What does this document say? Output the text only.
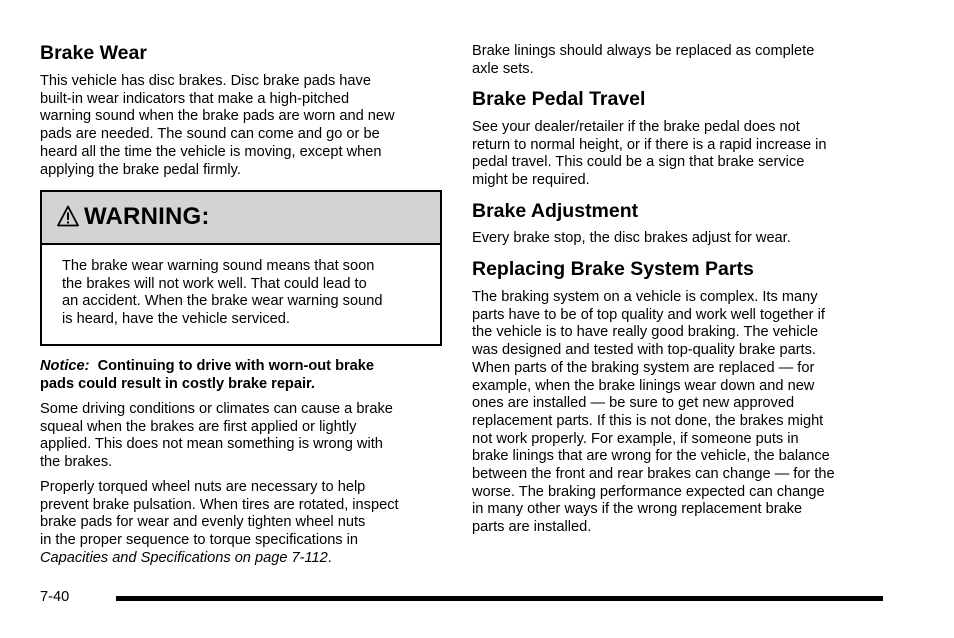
Brake Wear

This vehicle has disc brakes. Disc brake pads have
built-in wear indicators that make a high-pitched
warning sound when the brake pads are worn and new
pads are needed. The sound can come and go or be
heard all the time the vehicle is moving, except when
applying the brake pedal firmly.

WARNING:
The brake wear warning sound means that soon
the brakes will not work well. That could lead to
an accident. When the brake wear warning sound
is heard, have the vehicle serviced.

Notice: Continuing to drive with worn-out brake
pads could result in costly brake repair.

Some driving conditions or climates can cause a brake
squeal when the brakes are first applied or lightly
applied. This does not mean something is wrong with
the brakes.

Properly torqued wheel nuts are necessary to help
prevent brake pulsation. When tires are rotated, inspect
brake pads for wear and evenly tighten wheel nuts
in the proper sequence to torque specifications in
Capacities and Specifications on page 7-112.

Brake linings should always be replaced as complete
axle sets.

Brake Pedal Travel

See your dealer/retailer if the brake pedal does not
return to normal height, or if there is a rapid increase in
pedal travel. This could be a sign that brake service
might be required.

Brake Adjustment

Every brake stop, the disc brakes adjust for wear.

Replacing Brake System Parts

The braking system on a vehicle is complex. Its many
parts have to be of top quality and work well together if
the vehicle is to have really good braking. The vehicle
was designed and tested with top-quality brake parts.
When parts of the braking system are replaced — for
example, when the brake linings wear down and new
ones are installed — be sure to get new approved
replacement parts. If this is not done, the brakes might
not work properly. For example, if someone puts in
brake linings that are wrong for the vehicle, the balance
between the front and rear brakes can change — for the
worse. The braking performance expected can change
in many other ways if the wrong replacement brake
parts are installed.

7-40
